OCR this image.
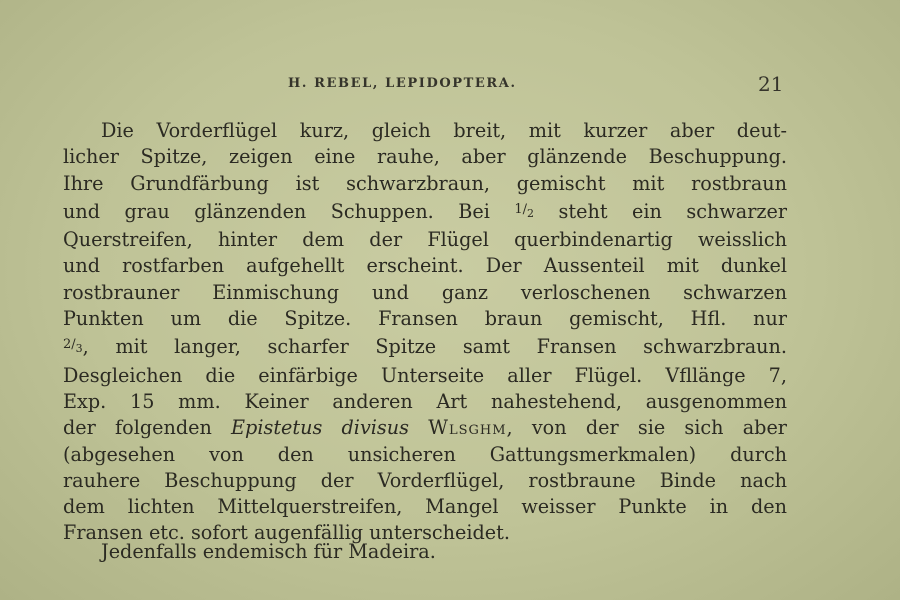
H. REBEL, LEPIDOPTERA.	21
Die Vorderflügel kurz, gleich breit, mit kurzer aber deut-
licher Spitze, zeigen eine rauhe, aber glänzende Beschuppung.
Ihre Grundfärbung ist schwarzbraun, gemischt mit rostbraun
und grau glänzenden Schuppen. Bei $^{1/_2}$ steht ein schwarzer
Querstreifen, hinter dem der Flügel querbindenartig weisslich
und rostfarben aufgehellt erscheint. Der Aussenteil mit dunkel
rostbrauner Einmischung und ganz verloschenen schwarzen
Punkten um die Spitze. Fransen braun gemischt, Hfl. nur
$^{2/_3}$, mit langer, scharfer Spitze samt Fransen schwarzbraun.
Desgleichen die einfärbige Unterseite aller Flügel. Vfllänge 7,
Exp. 15 mm. Keiner anderen Art nahestehend, ausgenommen
der folgenden Epistetus divisus Wlsghm, von der sie sich aber
(abgesehen von den unsicheren Gattungsmerkmalen) durch
rauhere Beschuppung der Vorderflügel, rostbraune Binde nach
dem lichten Mittelquerstreifen, Mangel weisser Punkte in den
Fransen etc. sofort augenfällig unterscheidet.
Jedenfalls endemisch für Madeira.
